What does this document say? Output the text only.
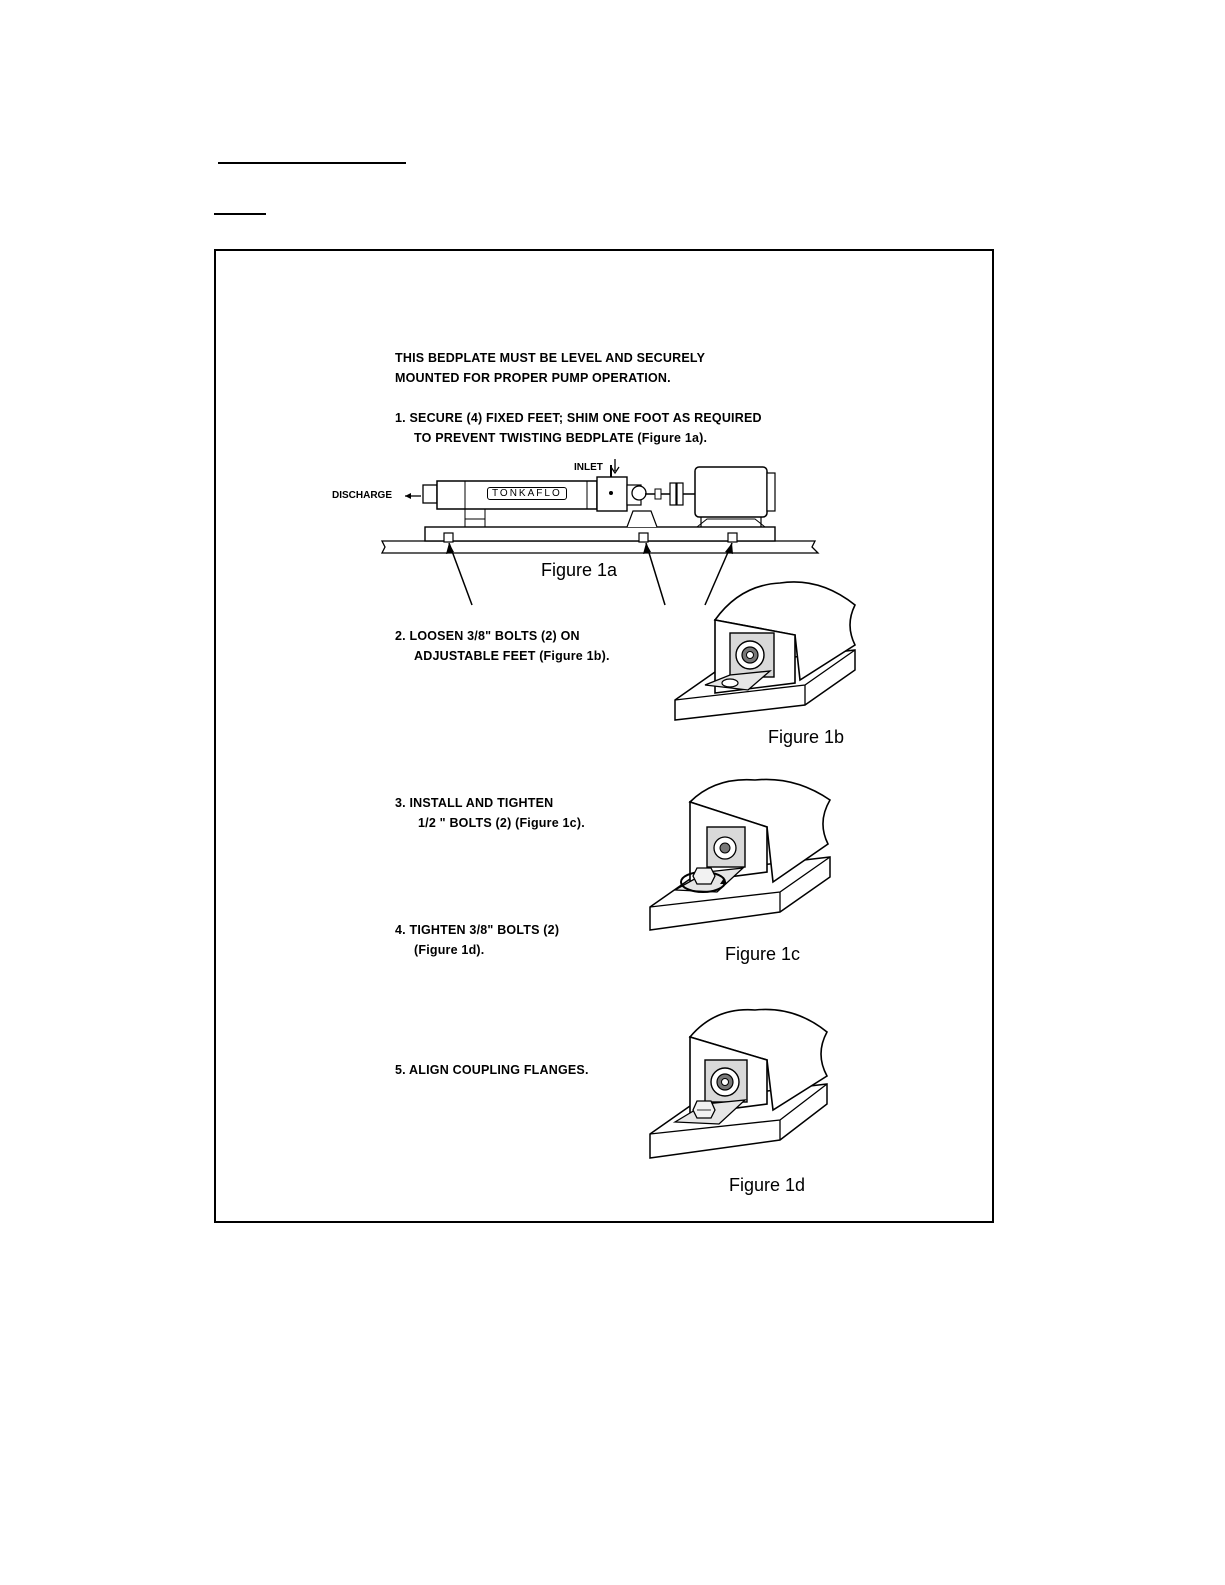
THIS BEDPLATE MUST BE LEVEL AND SECURELY
MOUNTED FOR PROPER PUMP OPERATION.
1. SECURE (4) FIXED FEET; SHIM ONE FOOT AS REQUIRED
TO PREVENT TWISTING BEDPLATE (Figure 1a).
DISCHARGE
INLET
TONKAFLO
Figure 1a
2. LOOSEN 3/8" BOLTS (2) ON
ADJUSTABLE FEET (Figure 1b).
Figure 1b
3. INSTALL AND TIGHTEN
1/2 " BOLTS (2) (Figure 1c).
Figure 1c
4. TIGHTEN 3/8" BOLTS (2)
(Figure 1d).
5. ALIGN COUPLING FLANGES.
Figure 1d
